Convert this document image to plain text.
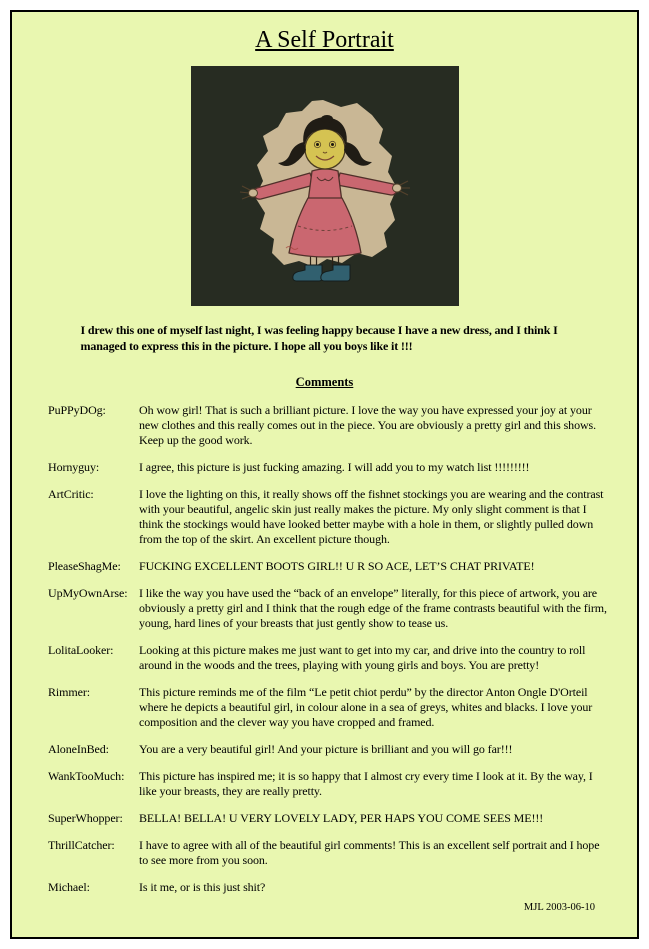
A Self Portrait
I drew this one of myself last night, I was feeling happy because I have a new dress, and I think I managed to express this in the picture. I hope all you boys like it !!!
Comments
PuPPyDOg:	Oh wow girl! That is such a brilliant picture. I love the way you have expressed your joy at your new clothes and this really comes out in the piece. You are obviously a pretty girl and this shows. Keep up the good work.
Hornyguy:	I agree, this picture is just fucking amazing. I will add you to my watch list !!!!!!!!!
ArtCritic:	I love the lighting on this, it really shows off the fishnet stockings you are wearing and the contrast with your beautiful, angelic skin just really makes the picture. My only slight comment is that I think the stockings would have looked better maybe with a hole in them, or slightly pulled down from the top of the skirt. An excellent picture though.
PleaseShagMe:	FUCKING EXCELLENT BOOTS GIRL!! U R SO ACE, LET’S CHAT PRIVATE!
UpMyOwnArse: I like the way you have used the “back of an envelope” literally, for this piece of artwork, you are obviously a pretty girl and I think that the rough edge of the frame contrasts beautiful with the firm, young, hard lines of your breasts that just gently show to tease us.
LolitaLooker:	Looking at this picture makes me just want to get into my car, and drive into the country to roll around in the woods and the trees, playing with young girls and boys. You are pretty!
Rimmer:	This picture reminds me of the film “Le petit chiot perdu” by the director Anton Ongle D'Orteil where he depicts a beautiful girl, in colour alone in a sea of greys, whites and blacks. I love your composition and the clever way you have cropped and framed.
AloneInBed:	You are a very beautiful girl! And your picture is brilliant and you will go far!!!
WankTooMuch:	This picture has inspired me; it is so happy that I almost cry every time I look at it. By the way, I like your breasts, they are really pretty.
SuperWhopper:	BELLA! BELLA! U VERY LOVELY LADY, PER HAPS YOU COME SEES ME!!!
ThrillCatcher:	I have to agree with all of the beautiful girl comments! This is an excellent self portrait and I hope to see more from you soon.
Michael:	Is it me, or is this just shit?
MJL 2003-06-10
